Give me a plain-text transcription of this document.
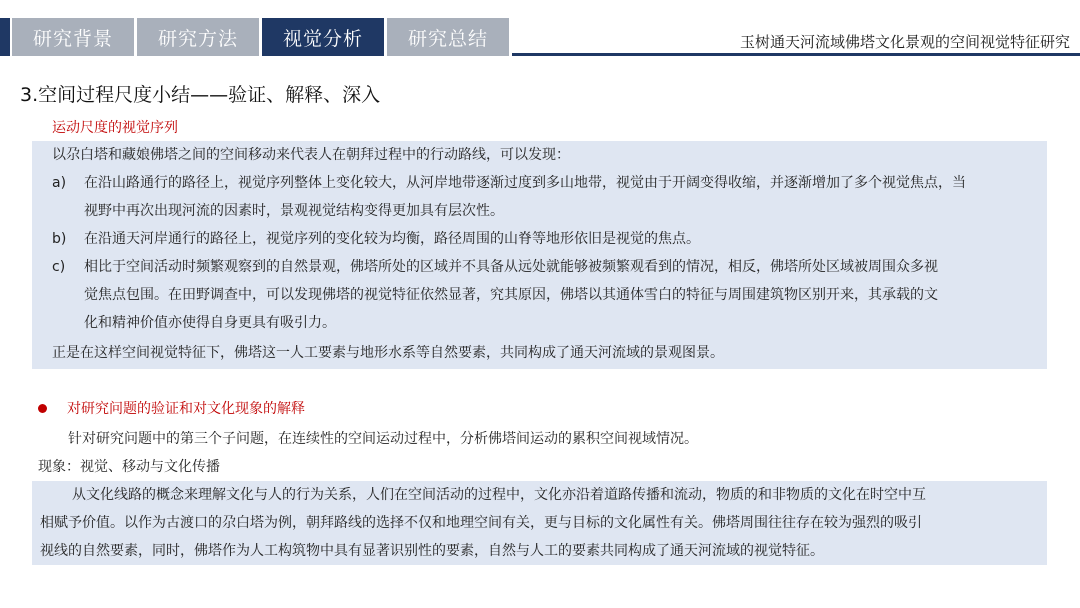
研究背景	研究方法	视觉分析	研究总结	玉树通天河流域佛塔文化景观的空间视觉特征研究
3.空间过程尺度小结——验证、解释、深入
运动尺度的视觉序列

以尕白塔和藏娘佛塔之间的空间移动来代表人在朝拜过程中的行动路线，可以发现：

a) 在沿山路通行的路径上，视觉序列整体上变化较大，从河岸地带逐渐过度到多山地带，视觉由于开阔变得收缩，并逐渐增加了多个视觉焦点，当
视野中再次出现河流的因素时，景观视觉结构变得更加具有层次性。
b) 在沿通天河岸通行的路径上，视觉序列的变化较为均衡，路径周围的山脊等地形依旧是视觉的焦点。
c) 相比于空间活动时频繁观察到的自然景观，佛塔所处的区域并不具备从远处就能够被频繁观看到的情况，相反，佛塔所处区域被周围众多视
觉焦点包围。在田野调查中，可以发现佛塔的视觉特征依然显著，究其原因，佛塔以其通体雪白的特征与周围建筑物区别开来，其承载的文
化和精神价值亦使得自身更具有吸引力。

正是在这样空间视觉特征下，佛塔这一人工要素与地形水系等自然要素，共同构成了通天河流域的景观图景。

对研究问题的验证和对文化现象的解释
针对研究问题中的第三个子问题，在连续性的空间运动过程中，分析佛塔间运动的累积空间视域情况。
现象：视觉、移动与文化传播

从文化线路的概念来理解文化与人的行为关系，人们在空间活动的过程中，文化亦沿着道路传播和流动，物质的和非物质的文化在时空中互

相赋予价值。以作为古渡口的尕白塔为例，朝拜路线的选择不仅和地理空间有关，更与目标的文化属性有关。佛塔周围往往存在较为强烈的吸引

视线的自然要素，同时，佛塔作为人工构筑物中具有显著识别性的要素，自然与人工的要素共同构成了通天河流域的视觉特征。
